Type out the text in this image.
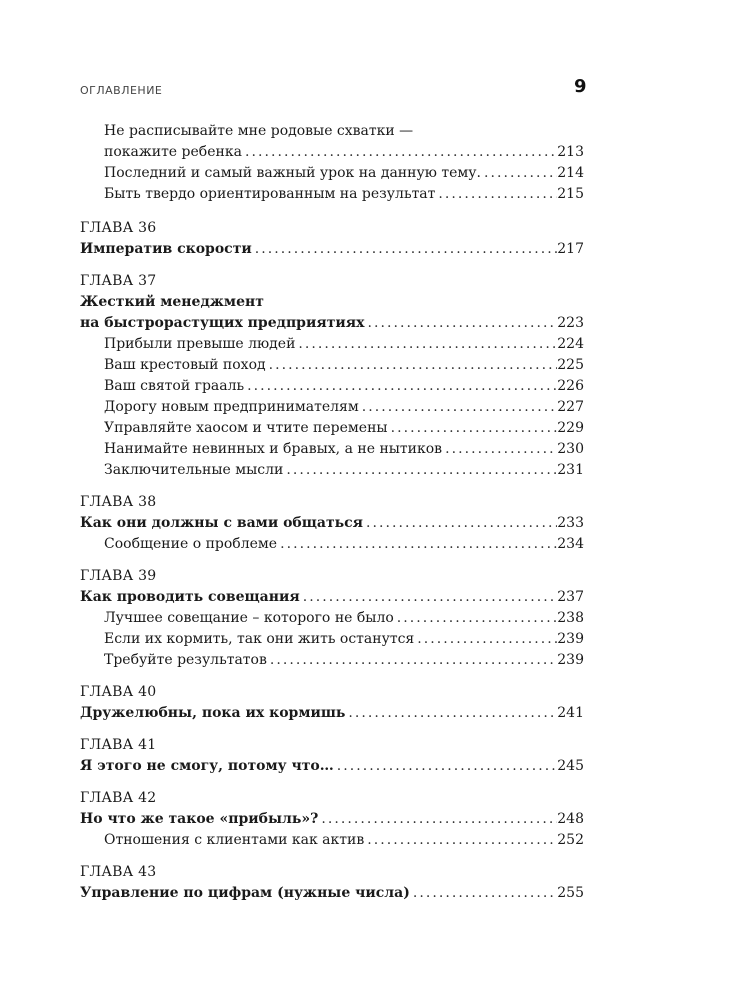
ОГЛАВЛЕНИЕ	9
Не расписывайте мне родовые схватки —
покажите ребенка . . .	213
Последний и самый важный урок на данную тему. . . .	214
Быть твердо ориентированным на результат . . .	215
ГЛАВА 36
Императив скорости . . .	217
ГЛАВА 37
Жесткий менеджмент
на быстрорастущих предприятиях . . .	223
Прибыли превыше людей . . .	224
Ваш крестовый поход . . .	225
Ваш святой грааль . . .	226
Дорогу новым предпринимателям . . .	227
Управляйте хаосом и чтите перемены . . .	229
Нанимайте невинных и бравых, а не нытиков . . .	230
Заключительные мысли . . .	231
ГЛАВА 38
Как они должны с вами общаться . . .	233
Сообщение о проблеме . . .	234
ГЛАВА 39
Как проводить совещания . . .	237
Лучшее совещание – которого не было . . .	238
Если их кормить, так они жить останутся . . .	239
Требуйте результатов . . .	239
ГЛАВА 40
Дружелюбны, пока их кормишь . . .	241
ГЛАВА 41
Я этого не смогу, потому что… . . .	245
ГЛАВА 42
Но что же такое «прибыль»? . . .	248
Отношения с клиентами как актив . . .	252
ГЛАВА 43
Управление по цифрам (нужные числа) . . .	255
